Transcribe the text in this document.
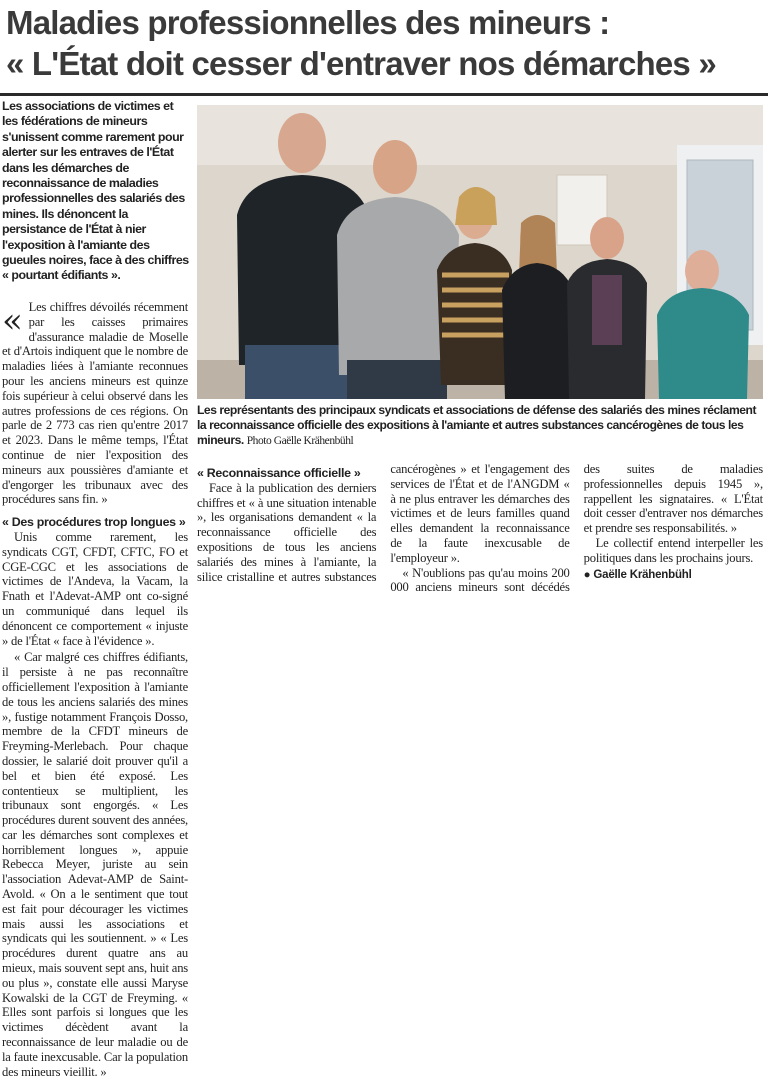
Maladies professionnelles des mineurs :
« L'État doit cesser d'entraver nos démarches »
Les associations de victimes et les fédérations de mineurs s'unissent comme rarement pour alerter sur les entraves de l'État dans les démarches de reconnaissance de maladies professionnelles des salariés des mines. Ils dénoncent la persistance de l'État à nier l'exposition à l'amiante des gueules noires, face à des chiffres « pourtant édifiants ».

« Les chiffres dévoilés récemment par les caisses primaires d'assurance maladie de Moselle et d'Artois indiquent que le nombre de maladies liées à l'amiante reconnues pour les anciens mineurs est quinze fois supérieur à celui observé dans les autres professions de ces régions. On parle de 2 773 cas rien qu'entre 2017 et 2023. Dans le même temps, l'État continue de nier l'exposition des mineurs aux poussières d'amiante et d'engorger les tribunaux avec des procédures sans fin. »

« Des procédures trop longues »

Unis comme rarement, les syndicats CGT, CFDT, CFTC, FO et CGE-CGC et les associations de victimes de l'Andeva, la Vacam, la Fnath et l'Adevat-AMP ont co-signé un communiqué dans lequel ils dénoncent ce comportement « injuste » de l'État « face à l'évidence ».

« Car malgré ces chiffres édifiants, il persiste à ne pas reconnaître officiellement l'exposition à l'amiante de tous les anciens salariés des mines », fustige notamment François Dosso, membre de la CFDT mineurs de Freyming-Merlebach. Pour chaque dossier, le salarié doit prouver qu'il a bel et bien été exposé. Les contentieux se multiplient, les tribunaux sont engorgés. « Les procédures durent souvent des années, car les démarches sont complexes et horriblement longues », appuie Rebecca Meyer, juriste au sein l'association Adevat-AMP de Saint-Avold. « On a le sentiment que tout est fait pour décourager les victimes mais aussi les associations et syndicats qui les soutiennent. » « Les procédures durent quatre ans au mieux, mais souvent sept ans, huit ans ou plus », constate elle aussi Maryse Kowalski de la CGT de Freyming. « Elles sont parfois si longues que les victimes décèdent avant la reconnaissance de leur maladie ou de la faute inexcusable. Car la population des mineurs vieillit. »

Les représentants des principaux syndicats et associations de défense des salariés des mines réclament la reconnaissance officielle des expositions à l'amiante et autres substances cancérogènes de tous les mineurs. Photo Gaëlle Krähenbühl

« Reconnaissance officielle »

Face à la publication des derniers chiffres et « à une situation intenable », les organisations demandent « la reconnaissance officielle des expositions de tous les anciens salariés des mines à l'amiante, la silice cristalline et autres substances cancérogènes » et l'engagement des services de l'État et de l'ANGDM « à ne plus entraver les démarches des victimes et de leurs familles quand elles demandent la reconnaissance de la faute inexcusable de l'employeur ».

« N'oublions pas qu'au moins 200 000 anciens mineurs sont décédés des suites de maladies professionnelles depuis 1945 », rappellent les signataires. « L'État doit cesser d'entraver nos démarches et prendre ses responsabilités. »

Le collectif entend interpeller les politiques dans les prochains jours.

● Gaëlle Krähenbühl
